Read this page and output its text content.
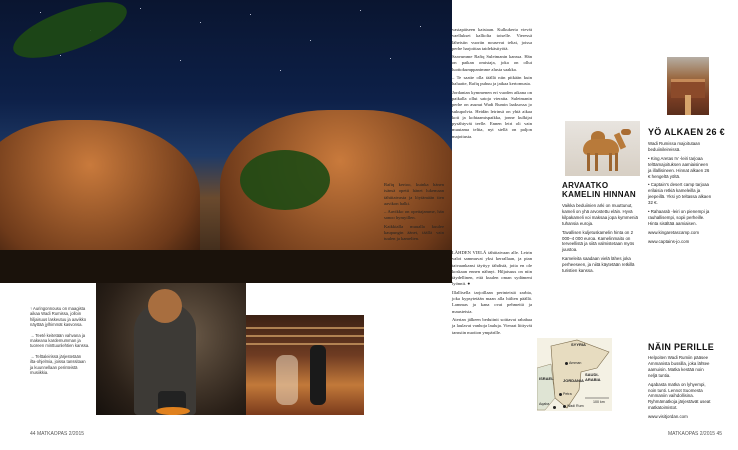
↑ Auringonnousu on maagista aikaa Wadi Rumissa, jolloin hiljaisuus laskeutuu ja aavikko näyttää jylhimmät kasvonsa.

→ Teeté keitetään vahvana ja makeana kardemumman ja tuoreen minttuunlehtien kanssa.

→ Telttaleirissä järjestetään ilta‑ohjelmia, joissa tanssitaan ja kuunnellaan perinteistä musiikkia.

44 MATKAOPAS 2/2015

vastapäiseen kaistaan. Kulkukerta vievät vaellukset kalliolta toiselle. Vieressä läheisiin vuoriin nousevat teltat, joissa perhe harjoittaa taidekäsityötä.

Saavumme Rafiq Suleimanin kanssa. Hän on paikan omistaja, joka on ollut luottokumppanimme alusta saakka.

– Te saatte olla täällä niin pitkään kuin haluatte, Rafiq puhuu ja jatkaa kertomusta.

Jordanian kymmenen eri vuoden aikana on paikalla ollut satoja vieraita. Suleimanin perhe on asunut Wadi Rumin laaksossa jo sukupolvia. Heidän leirinsä on yhtä aikaa koti ja kohtaamispaikka, jonne kulkijat pysähtyvät teelle. Ennen leiri oli vain muutama teltta, nyt siellä on paljon majoitusta.

Rafiq kertoo, kuinka hänen isänsä opetti hänet lukemaan tähtitaivasta ja löytämään tien aavikon halki.

– Aavikko on opettajamme, hän sanoo hymyillen.

Kaikkialla muualla kuulee kaupungin äänet, täällä vain tuulen ja kamelien.

LÄHDEN VIELÄ tähtitaivaan alle. Leirin valot sammuvat yksi kerrallaan, ja pian taivaankansi täyttyy tähdistä, joita en ole koskaan ennen nähnyt. Hiljaisuus on niin täydellinen, että kuulen oman sydämeni lyönnit. ●

Illallisella tarjoillaan perinteistä zarbia, joka kypsytetään maan alla hiilten päällä. Lammas ja kana ovat pehmeitä ja mausteisia.

Aterian jälkeen beduiinit soittavat rababaa ja laulavat vanhoja lauluja. Vieraat liittyvät tanssiin nuotion ympärille.

ARVAATKO KAMELIN HINNAN

Vaikka beduiinien arki on muuttunut, kameli on yhä arvostettu eläin. Hyvä kilpakameli voi maksaa jopa kymmeniä tuhansia euroja.

Tavallisen kuljetuskamelin hinta on 2 000–4 000 euroa. Kamelinmaito on terveellistä ja siitä valmistetaan myös juustoa.

Kameleita saadaan vielä lähes joka perheeseen, ja niitä käytetään retkillä turistien kanssa.

YÖ ALKAEN 26 €

Wadi Rumissa majoitutaan beduiinileireissä.

• King Aretas IV ‑leiri tarjoaa telttamajoituksen aamiaisineen ja illallisineen. Hinnat alkaen 26 € hengeltä yöltä.

• Captain's desert camp tarjoaa erilaisia retkiä kameleilla ja jeepeillä. Yksi yö teltassa alkaen 32 €.

• Rahaarab ‑leiri on pienempi ja rauhallisempi, sopii perheille. Hinta sisältää aamiaisen.

www.kingaretascamp.com

www.captains‑jo.com

NÄIN PERILLE

Helpoiten Wadi Rumiin pääsee Ammanista bussilla, joka lähtee aamuisin. Matka kestää noin neljä tuntia.

Aqabasta matka on lyhyempi, noin tunti. Lennot Suomesta Ammaniin vaihdollisina. Ryhmämatkoja järjestävät useat matkatoimistot.

www.visitjordan.com

SYYRIA
JORDANIA
ISRAEL
SAUDI-ARABIA
Amman
Petra
Aqaba	Wadi Rum
100 km
MATKAOPAS 2/2015 45
